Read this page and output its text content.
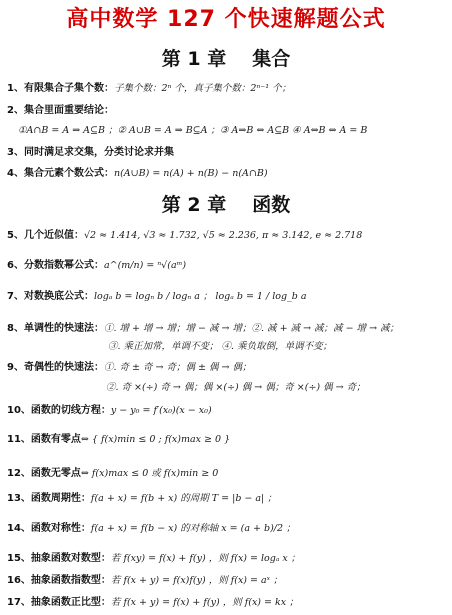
高中数学 127 个快速解题公式
第 1 章 集合
1、有限集合子集个数：子集个数：2ⁿ 个，真子集个数：2ⁿ⁻¹ 个；
2、集合里面重要结论：
①A∩B = A ⇒ A⊆B ；② A∪B = A ⇒ B⊆A ；③ A⇒B ⇔ A⊆B ④ A⇔B ⇔ A = B
3、同时满足求交集，分类讨论求并集
4、集合元素个数公式：n(A∪B) = n(A) + n(B) − n(A∩B)
第 2 章 函数
5、几个近似值：√2 ≈ 1.414, √3 ≈ 1.732, √5 ≈ 2.236, π ≈ 3.142, e ≈ 2.718
6、分数指数幂公式：a^(m/n) = ⁿ√(aᵐ)
7、对数换底公式：logₐ b = logₙ b / logₙ a ； logₐ b = 1 / log_b a
8、单调性的快速法：①. 增 + 增 → 增；增 − 减 → 增；②. 减 + 减 → 减；减 − 增 → 减；
③. 乘正加常，单调不变； ④. 乘负取倒，单调不变；
9、奇偶性的快速法：①. 奇 ± 奇 → 奇；偶 ± 偶 → 偶；
②. 奇 ×(÷) 奇 → 偶；偶 ×(÷) 偶 → 偶；奇 ×(÷) 偶 → 奇；
10、函数的切线方程：y − y₀ = f′(x₀)(x − x₀)
11、函数有零点⇔ { f(x)min ≤ 0 ; f(x)max ≥ 0 }
12、函数无零点⇔ f(x)max ≤ 0 或 f(x)min ≥ 0
13、函数周期性：f(a + x) = f(b + x) 的周期 T = |b − a| ；
14、函数对称性：f(a + x) = f(b − x) 的对称轴 x = (a + b)/2 ；
15、抽象函数对数型：若 f(xy) = f(x) + f(y) ，则 f(x) = logₐ x ；
16、抽象函数指数型：若 f(x + y) = f(x)f(y) ，则 f(x) = aˣ ；
17、抽象函数正比型：若 f(x + y) = f(x) + f(y) ，则 f(x) = kx ；
